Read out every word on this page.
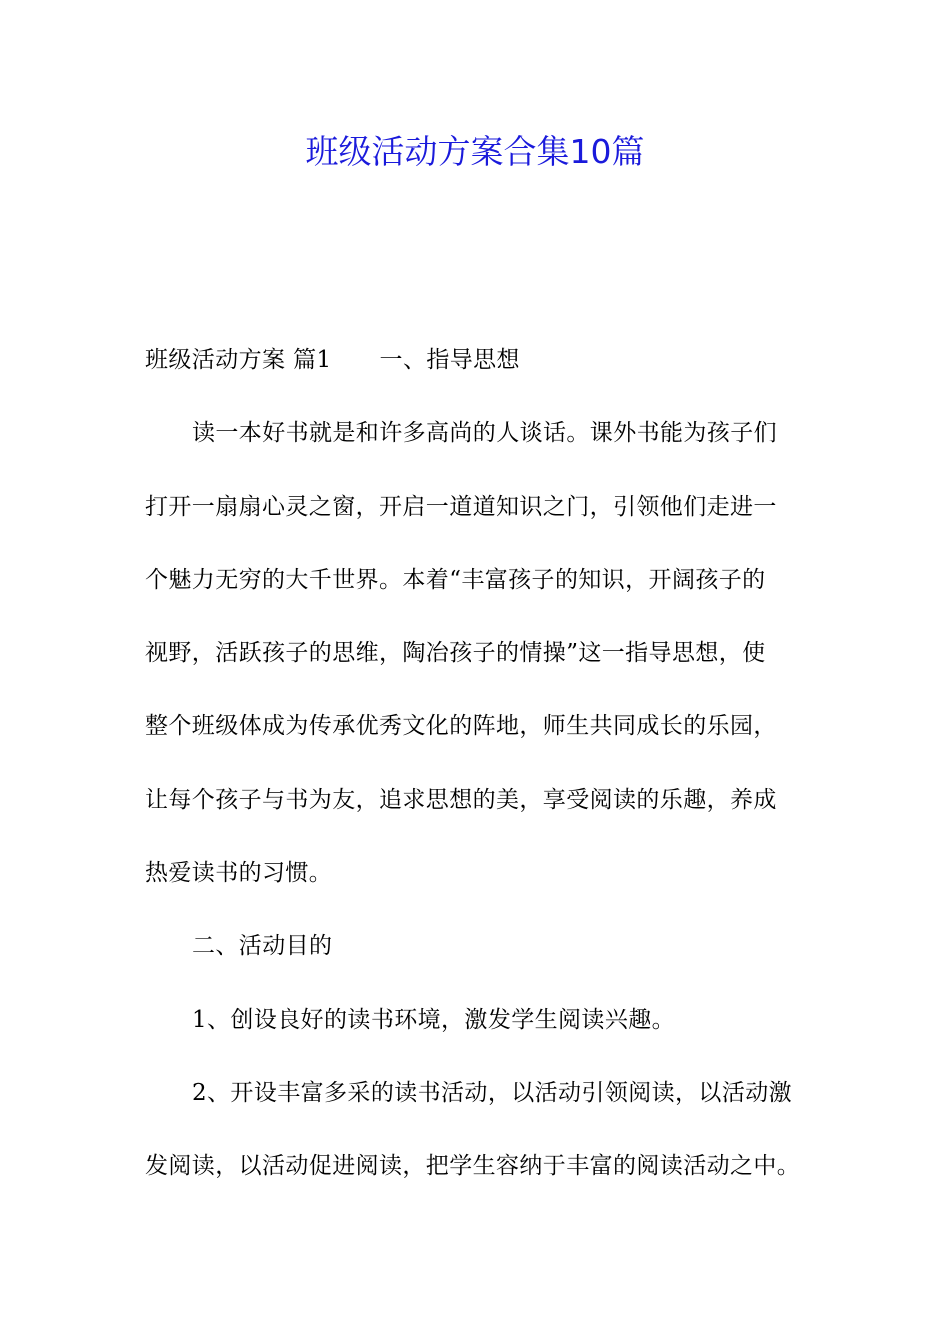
班级活动方案合集10篇
班级活动方案 篇1 一、指导思想
读一本好书就是和许多高尚的人谈话。课外书能为孩子们
打开一扇扇心灵之窗，开启一道道知识之门，引领他们走进一
个魅力无穷的大千世界。本着“丰富孩子的知识，开阔孩子的
视野，活跃孩子的思维，陶冶孩子的情操”这一指导思想，使
整个班级体成为传承优秀文化的阵地，师生共同成长的乐园，
让每个孩子与书为友，追求思想的美，享受阅读的乐趣，养成
热爱读书的习惯。
二、活动目的
1、创设良好的读书环境，激发学生阅读兴趣。
2、开设丰富多采的读书活动，以活动引领阅读，以活动激
发阅读，以活动促进阅读，把学生容纳于丰富的阅读活动之中。
